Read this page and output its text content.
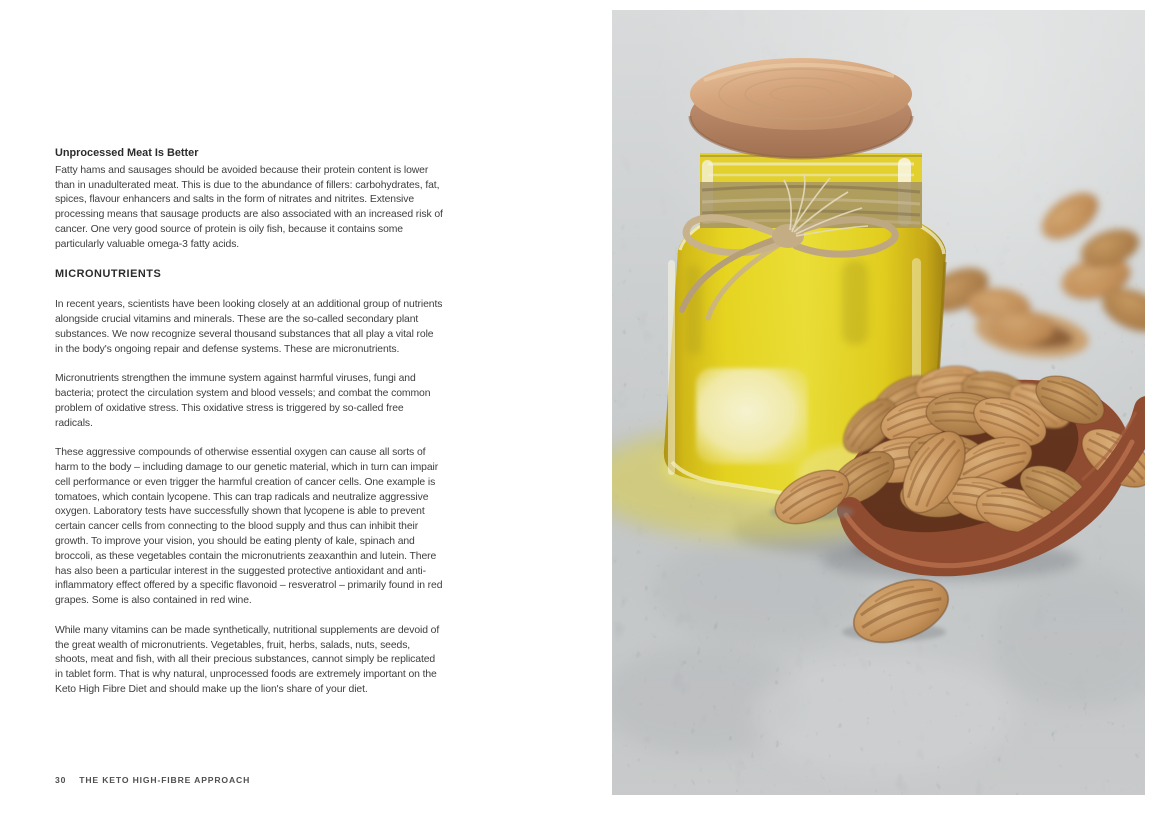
Unprocessed Meat Is Better

Fatty hams and sausages should be avoided because their protein content is lower than in unadulterated meat. This is due to the abundance of fillers: carbohydrates, fat, spices, flavour enhancers and salts in the form of nitrates and nitrites. Extensive processing means that sausage products are also associated with an increased risk of cancer. One very good source of protein is oily fish, because it contains some particularly valuable omega-3 fatty acids.

MICRONUTRIENTS

In recent years, scientists have been looking closely at an additional group of nutrients alongside crucial vitamins and minerals. These are the so-called secondary plant substances. We now recognize several thousand substances that all play a vital role in the body's ongoing repair and defense systems. These are micronutrients.

Micronutrients strengthen the immune system against harmful viruses, fungi and bacteria; protect the circulation system and blood vessels; and combat the common problem of oxidative stress. This oxidative stress is triggered by so-called free radicals.

These aggressive compounds of otherwise essential oxygen can cause all sorts of harm to the body – including damage to our genetic material, which in turn can impair cell performance or even trigger the harmful creation of cancer cells. One example is tomatoes, which contain lycopene. This can trap radicals and neutralize aggressive oxygen. Laboratory tests have successfully shown that lycopene is able to prevent certain cancer cells from connecting to the blood supply and thus can inhibit their growth. To improve your vision, you should be eating plenty of kale, spinach and broccoli, as these vegetables contain the micronutrients zeaxanthin and lutein. There has also been a particular interest in the suggested protective antioxidant and anti-inflammatory effect offered by a specific flavonoid – resveratrol – primarily found in red grapes. Some is also contained in red wine.

While many vitamins can be made synthetically, nutritional supplements are devoid of the great wealth of micronutrients. Vegetables, fruit, herbs, salads, nuts, seeds, shoots, meat and fish, with all their precious substances, cannot simply be replicated in tablet form. That is why natural, unprocessed foods are extremely important on the Keto High Fibre Diet and should make up the lion's share of your diet.

30 THE KETO HIGH-FIBRE APPROACH
